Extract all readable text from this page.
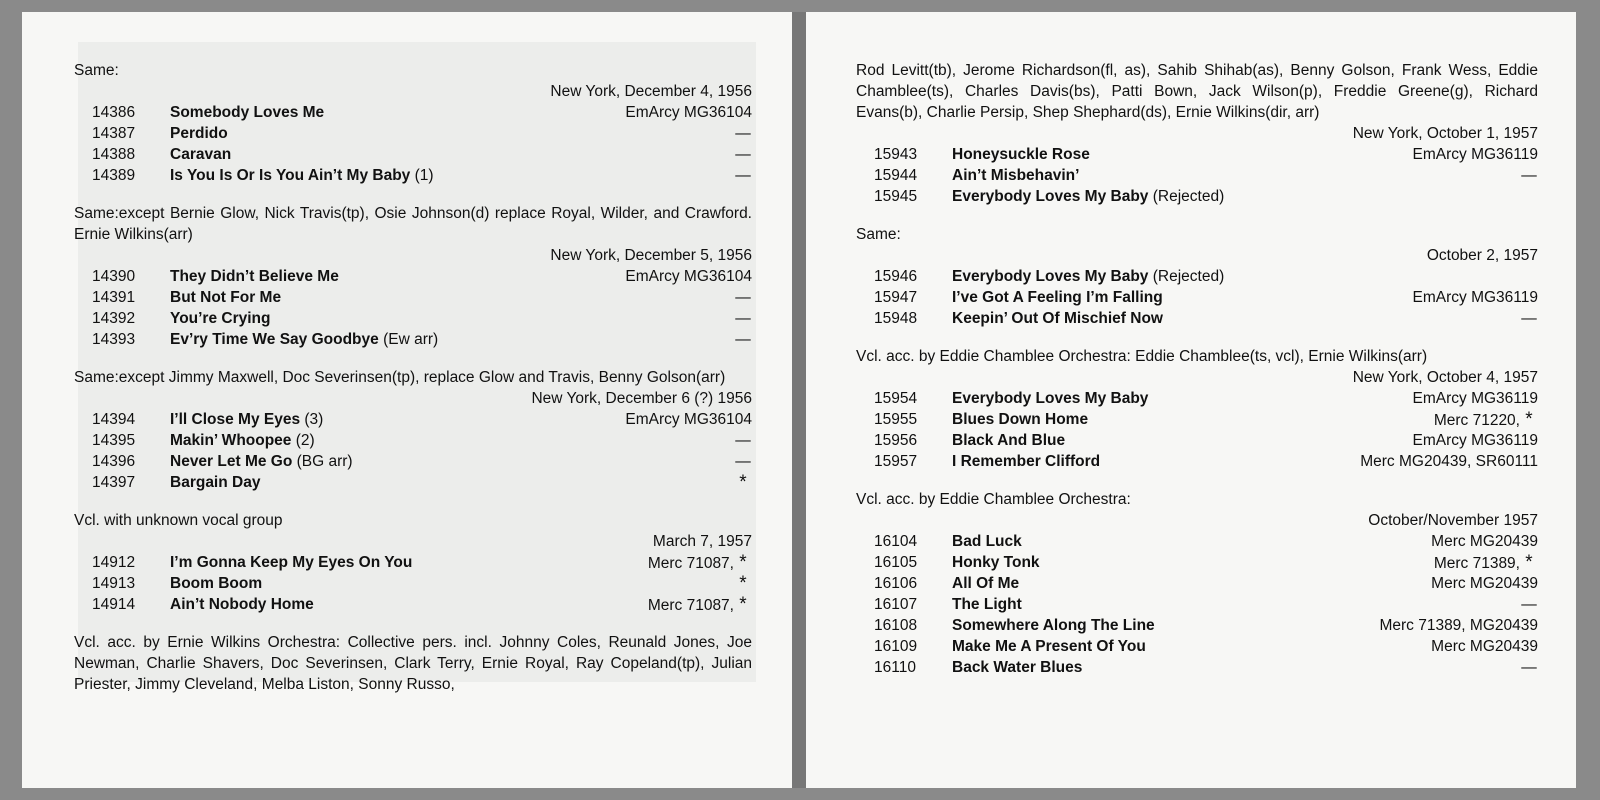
Same:
New York, December 4, 1956
14386 Somebody Loves Me	EmArcy MG36104
14387 Perdido	—
14388 Caravan	—
14389 Is You Is Or Is You Ain’t My Baby (1)	—
Same:except Bernie Glow, Nick Travis(tp), Osie Johnson(d) replace Royal, Wilder, and Crawford. Ernie Wilkins(arr)
New York, December 5, 1956
14390 They Didn’t Believe Me	EmArcy MG36104
14391 But Not For Me	—
14392 You’re Crying	—
14393 Ev’ry Time We Say Goodbye (Ew arr)	—
Same:except Jimmy Maxwell, Doc Severinsen(tp), replace Glow and Travis, Benny Golson(arr)
New York, December 6 (?) 1956
14394 I’ll Close My Eyes (3)	EmArcy MG36104
14395 Makin’ Whoopee (2)	—
14396 Never Let Me Go (BG arr)	—
14397 Bargain Day	*
Vcl. with unknown vocal group
March 7, 1957
14912 I’m Gonna Keep My Eyes On You	Merc 71087, *
14913 Boom Boom	*
14914 Ain’t Nobody Home	Merc 71087, *
Vcl. acc. by Ernie Wilkins Orchestra: Collective pers. incl. Johnny Coles, Reunald Jones, Joe Newman, Charlie Shavers, Doc Severinsen, Clark Terry, Ernie Royal, Ray Copeland(tp), Julian Priester, Jimmy Cleveland, Melba Liston, Sonny Russo,
Rod Levitt(tb), Jerome Richardson(fl, as), Sahib Shihab(as), Benny Golson, Frank Wess, Eddie Chamblee(ts), Charles Davis(bs), Patti Bown, Jack Wilson(p), Freddie Greene(g), Richard Evans(b), Charlie Persip, Shep Shephard(ds), Ernie Wilkins(dir, arr)
New York, October 1, 1957
15943 Honeysuckle Rose	EmArcy MG36119
15944 Ain’t Misbehavin’	—
15945 Everybody Loves My Baby (Rejected)
Same:
October 2, 1957
15946 Everybody Loves My Baby (Rejected)
15947 I’ve Got A Feeling I’m Falling	EmArcy MG36119
15948 Keepin’ Out Of Mischief Now	—
Vcl. acc. by Eddie Chamblee Orchestra: Eddie Chamblee(ts, vcl), Ernie Wilkins(arr)
New York, October 4, 1957
15954 Everybody Loves My Baby	EmArcy MG36119
15955 Blues Down Home	Merc 71220, *
15956 Black And Blue	EmArcy MG36119
15957 I Remember Clifford	Merc MG20439, SR60111
Vcl. acc. by Eddie Chamblee Orchestra:
October/November 1957
16104 Bad Luck	Merc MG20439
16105 Honky Tonk	Merc 71389, *
16106 All Of Me	Merc MG20439
16107 The Light	—
16108 Somewhere Along The Line	Merc 71389, MG20439
16109 Make Me A Present Of You	Merc MG20439
16110 Back Water Blues	—
